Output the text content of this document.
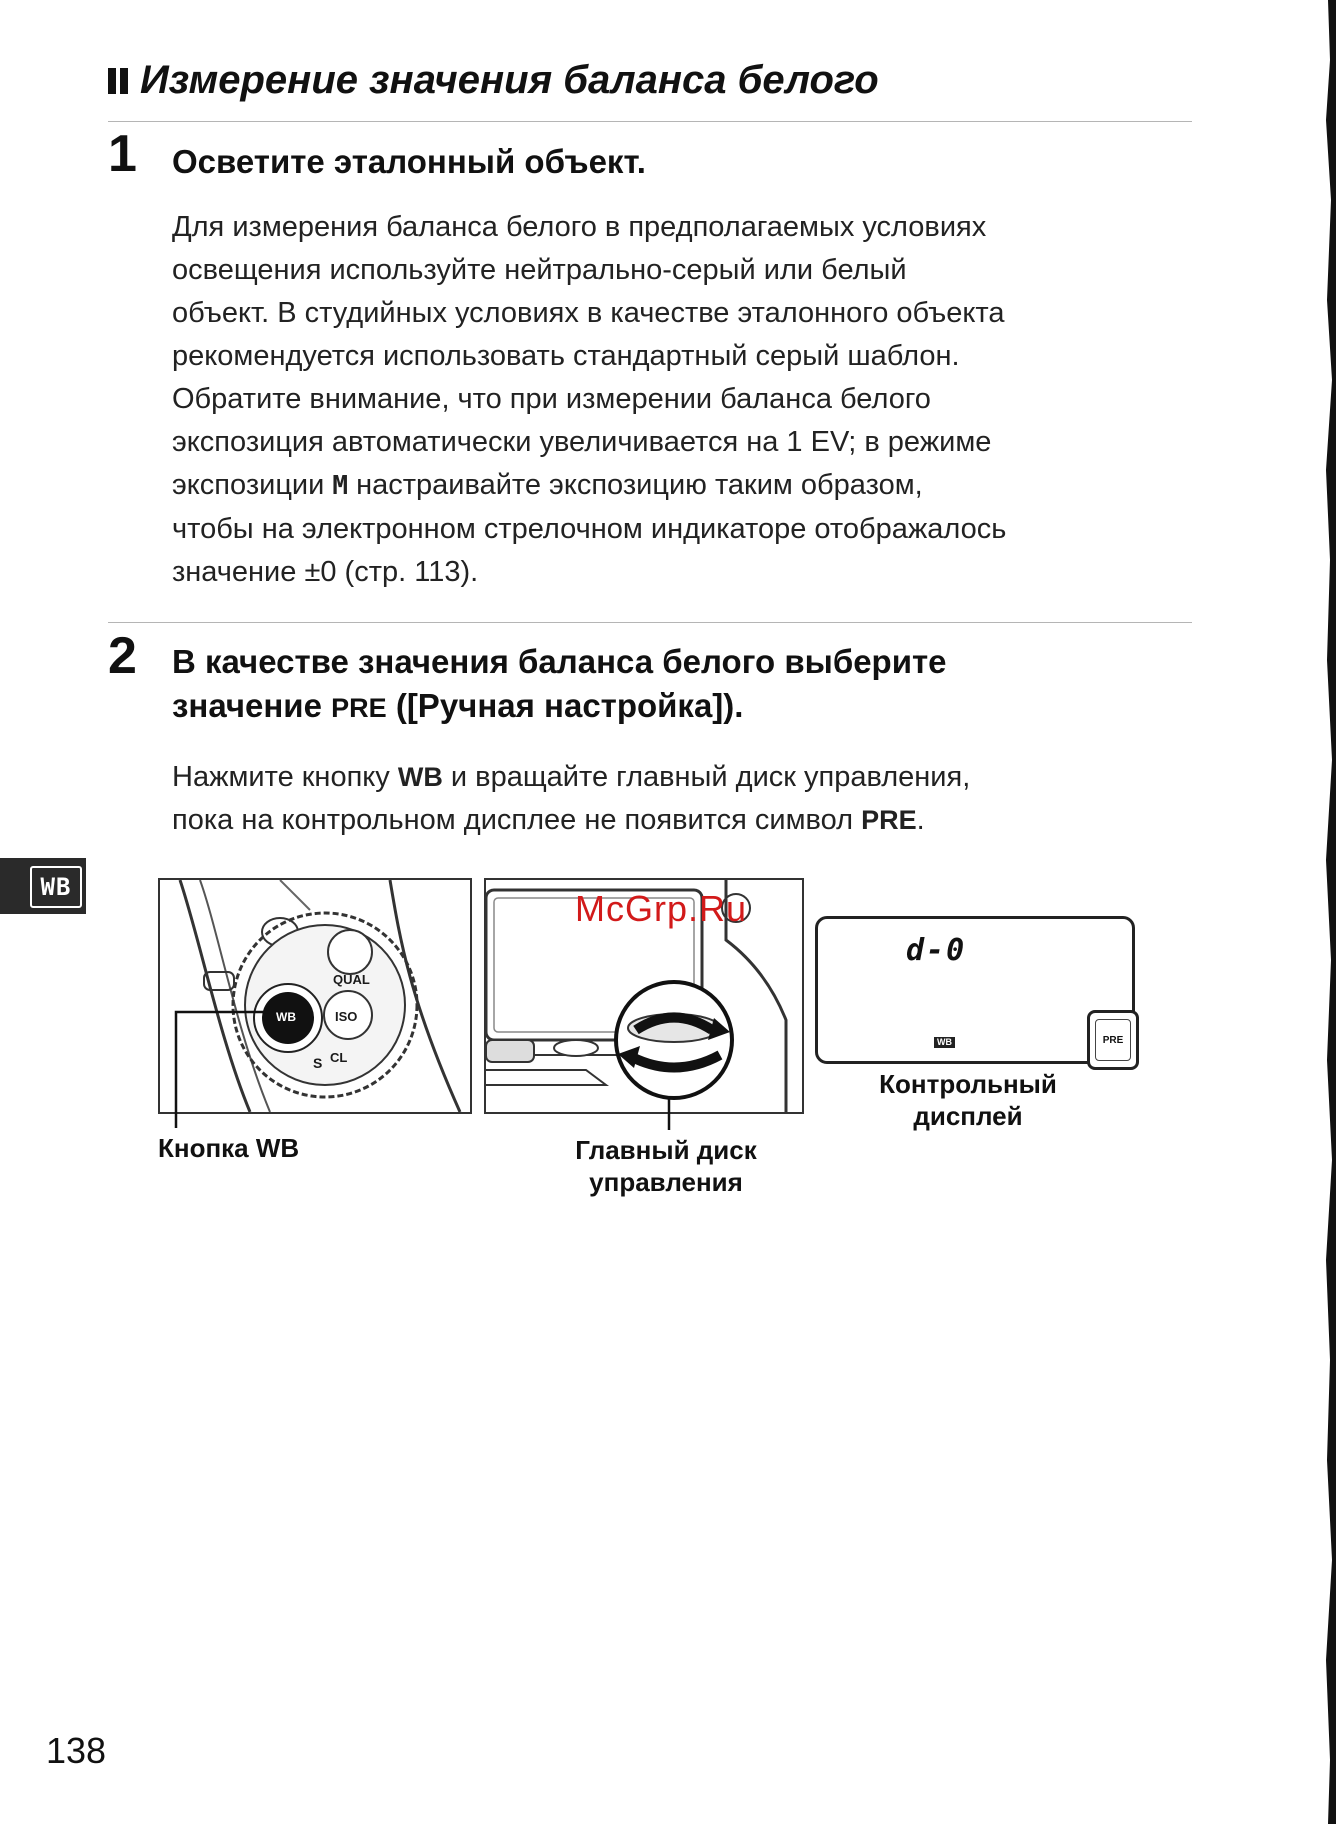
Измерение значения баланса белого
1 Осветите эталонный объект.

Для измерения баланса белого в предполагаемых условиях

освещения используйте нейтрально-серый или белый

объект. В студийных условиях в качестве эталонного объекта

рекомендуется использовать стандартный серый шаблон.

Обратите внимание, что при измерении баланса белого

экспозиция автоматически увеличивается на 1 EV; в режиме

экспозиции M настраивайте экспозицию таким образом,

чтобы на электронном стрелочном индикаторе отображалось

значение ±0 (стр. 113).

2 В качестве значения баланса белого выберите

значение PRE ([Ручная настройка]).

Нажмите кнопку WB и вращайте главный диск управления,

пока на контрольном дисплее не появится символ PRE.

WB
QUAL
WB	ISO
S CL
Кнопка WB	Главный диск
управления
d-0
WB	PRE
Контрольный
дисплей
McGrp.Ru
138
